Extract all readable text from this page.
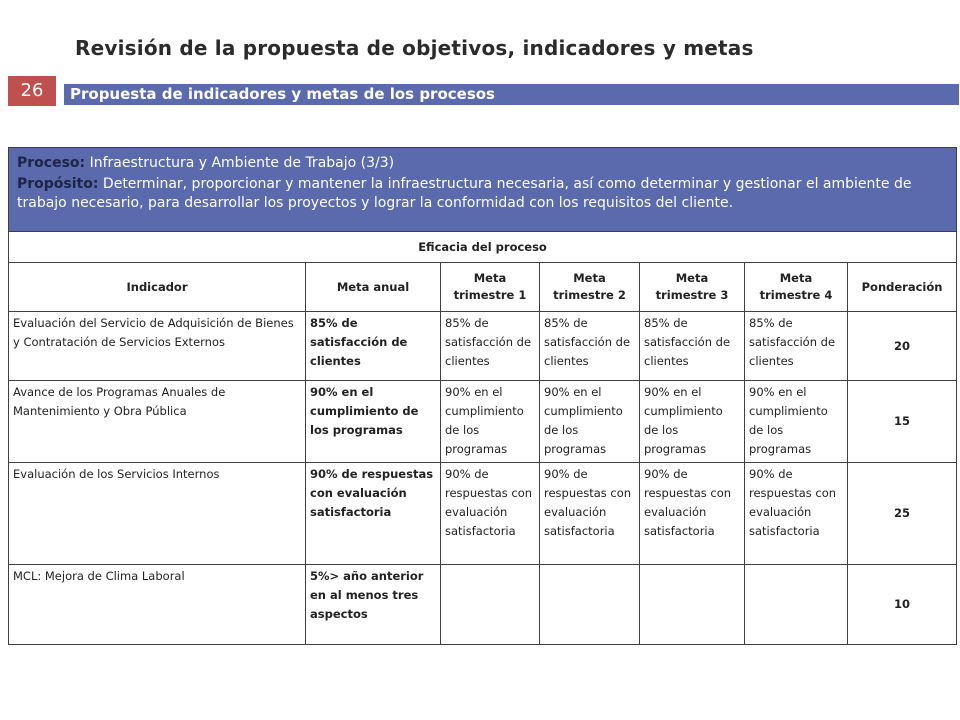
Revisión de la propuesta de objetivos, indicadores y metas
26	Propuesta de indicadores y metas de los procesos

Proceso: Infraestructura y Ambiente de Trabajo (3/3)

Propósito: Determinar, proporcionar y mantener la infraestructura necesaria, así como determinar y gestionar el ambiente de trabajo necesario, para desarrollar los proyectos y lograr la conformidad con los requisitos del cliente.						

Eficacia del proceso						
Indicador	Meta anual	Meta trimestre 1	Meta trimestre 2	Meta trimestre 3	Meta trimestre 4	Ponderación
Evaluación del Servicio de Adquisición de Bienes y Contratación de Servicios Externos	85% de satisfacción de clientes	85% de satisfacción de clientes	85% de satisfacción de clientes	85% de satisfacción de clientes	85% de satisfacción de clientes	20
Avance de los Programas Anuales de Mantenimiento y Obra Pública	90% en el cumplimiento de los programas	90% en el cumplimiento de los programas	90% en el cumplimiento de los programas	90% en el cumplimiento de los programas	90% en el cumplimiento de los programas	15
Evaluación de los Servicios Internos	90% de respuestas con evaluación satisfactoria	90% de respuestas con evaluación satisfactoria	90% de respuestas con evaluación satisfactoria	90% de respuestas con evaluación satisfactoria	90% de respuestas con evaluación satisfactoria	25
MCL: Mejora de Clima Laboral	5%> año anterior en al menos tres aspectos					10
